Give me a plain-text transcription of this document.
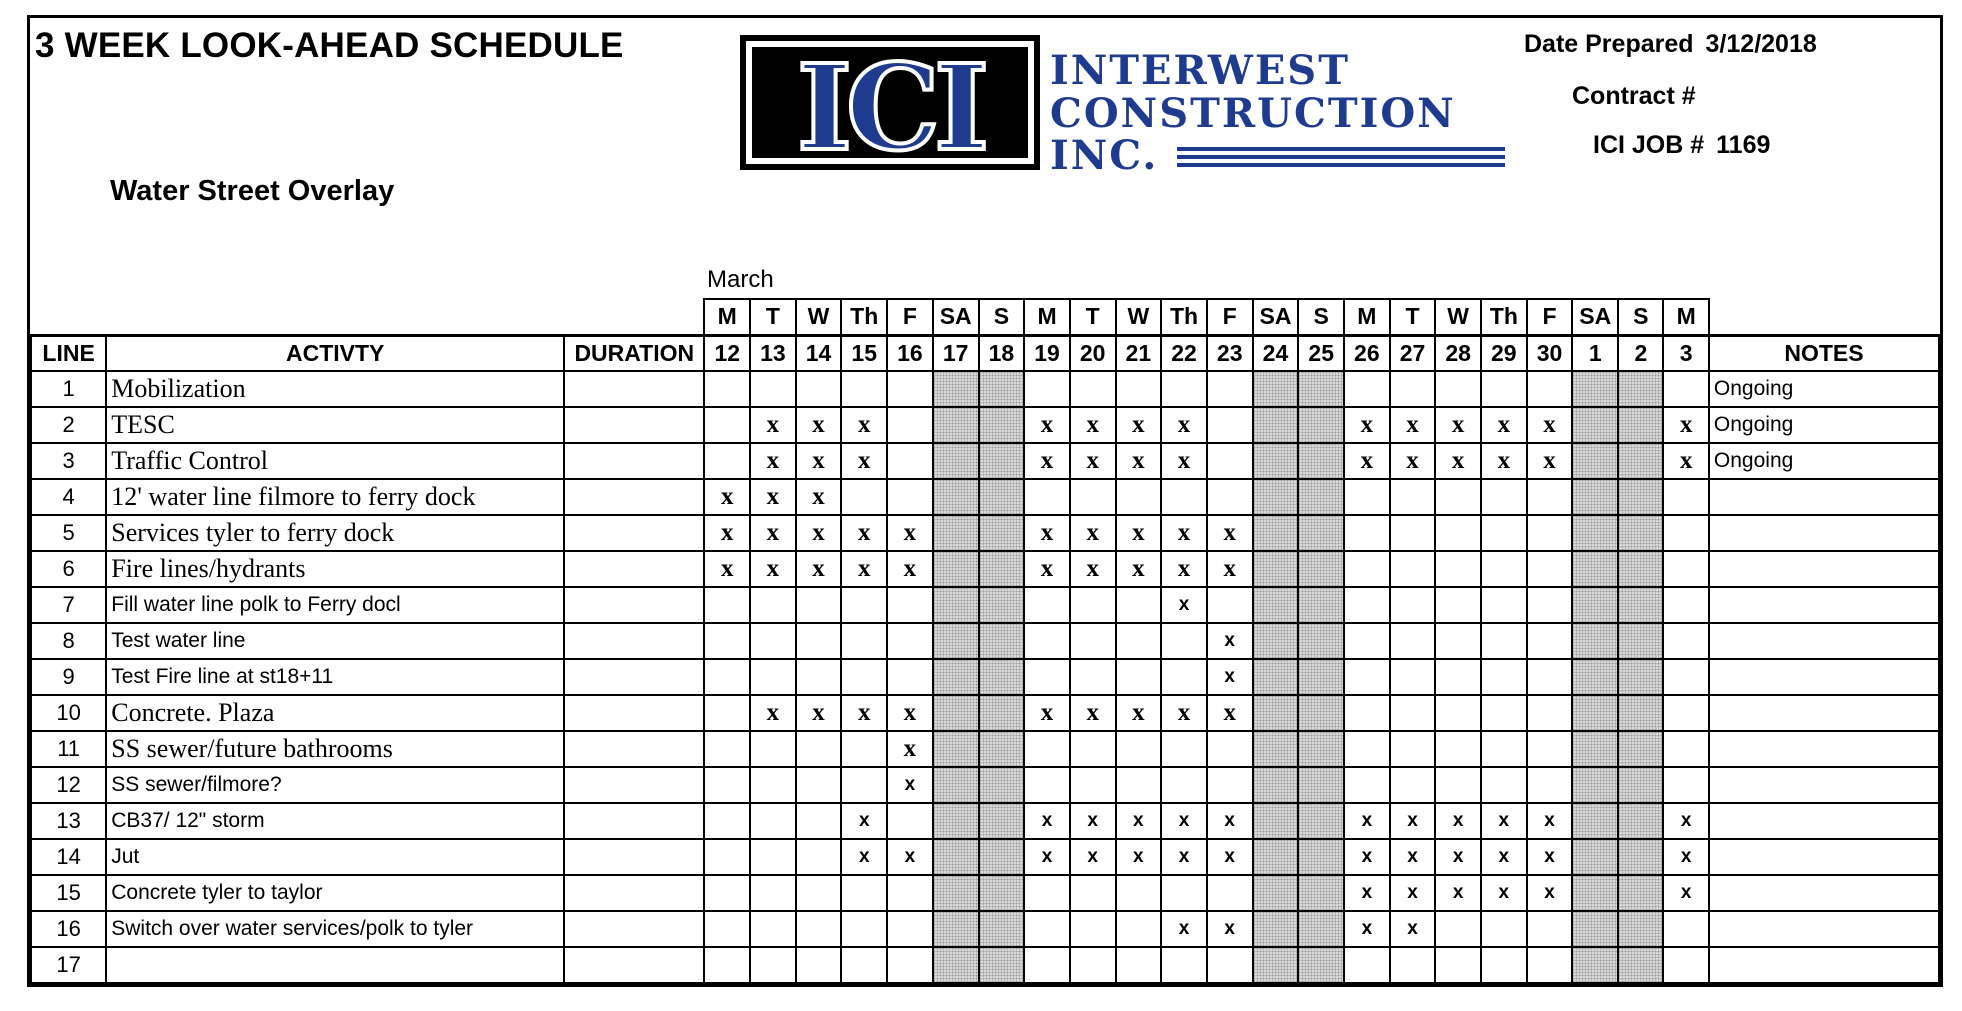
3 WEEK LOOK-AHEAD SCHEDULE
Water Street Overlay
March
ICI INTERWEST
CONSTRUCTION
INC.
Date Prepared 3/12/2018
Contract #
ICI JOB # 1169
			M	T	W	Th	F	SA	S	M	T	W	Th	F	SA	S	M	T	W	Th	F	SA	S	M	
LINE	ACTIVTY	DURATION	12	13	14	15	16	17	18	19	20	21	22	23	24	25	26	27	28	29	30	1	2	3	NOTES
1	Mobilization																								Ongoing
2	TESC			x	x	x				x	x	x	x				x	x	x	x	x			x	Ongoing
3	Traffic Control			x	x	x				x	x	x	x				x	x	x	x	x			x	Ongoing
4	12' water line filmore to ferry dock		x	x	x																				
5	Services tyler to ferry dock		x	x	x	x	x			x	x	x	x	x											
6	Fire lines/hydrants		x	x	x	x	x			x	x	x	x	x											
7	Fill water line polk to Ferry docl												x												
8	Test water line													x											
9	Test Fire line at st18+11													x											
10	Concrete. Plaza			x	x	x	x			x	x	x	x	x											
11	SS sewer/future bathrooms						x																		
12	SS sewer/filmore?						x																		
13	CB37/ 12" storm					x				x	x	x	x	x			x	x	x	x	x			x	
14	Jut					x	x			x	x	x	x	x			x	x	x	x	x			x	
15	Concrete tyler to taylor																x	x	x	x	x			x	
16	Switch over water services/polk to tyler												x	x			x	x							
17																									
